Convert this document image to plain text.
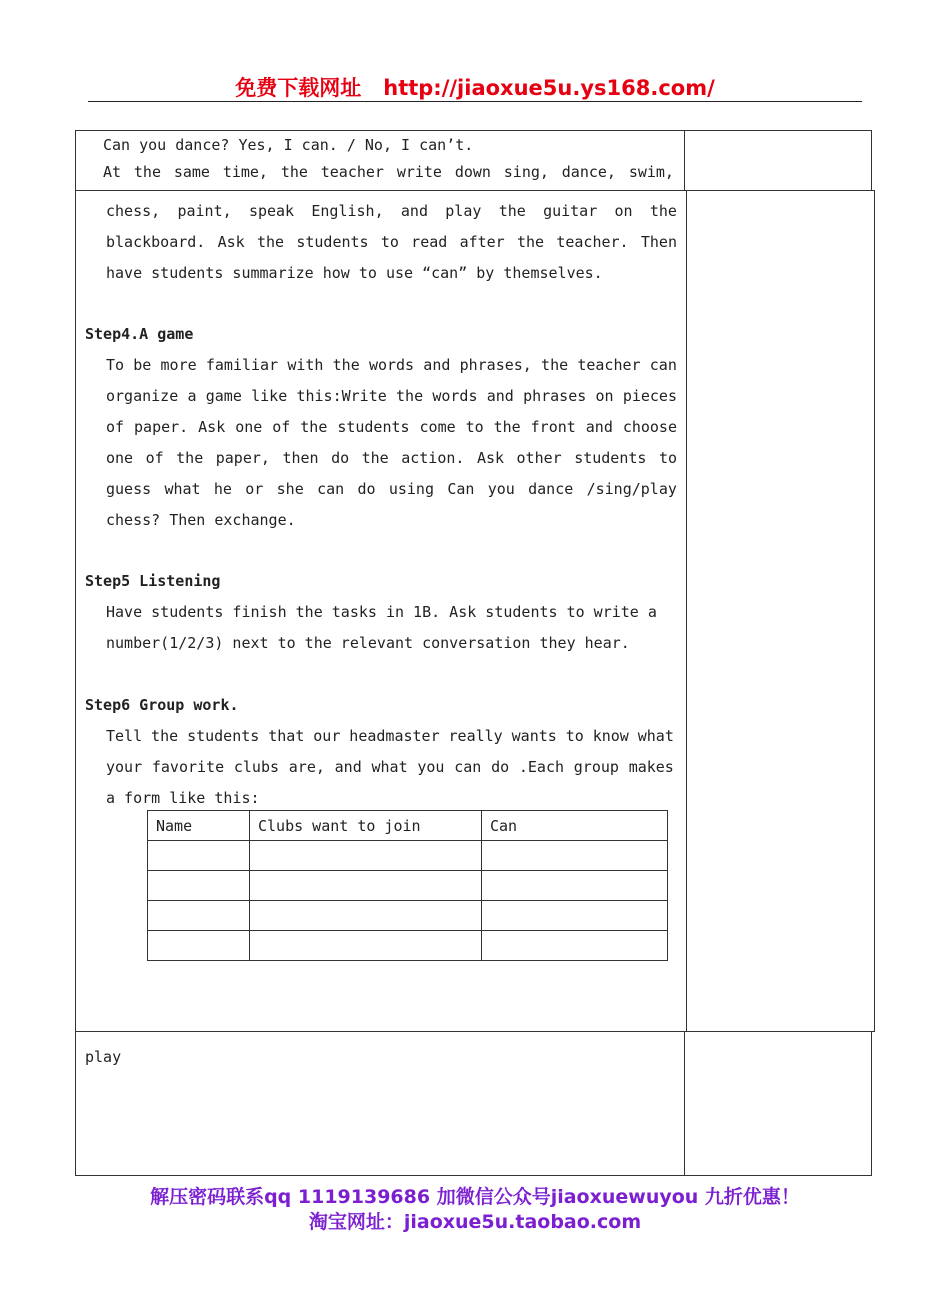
免费下载网址 http://jiaoxue5u.ys168.com/
Can you dance? Yes, I can. / No, I can’t.
At the same time, the teacher write down sing, dance, swim,
chess, paint, speak English, and play the guitar on the
blackboard. Ask the students to read after the teacher. Then
have students summarize how to use “can” by themselves.
Step4.A game
To be more familiar with the words and phrases, the teacher can
organize a game like this:Write the words and phrases on pieces
of paper. Ask one of the students come to the front and choose
one of the paper, then do the action. Ask other students to
guess what he or she can do using Can you dance /sing/play
chess? Then exchange.
Step5 Listening
Have students finish the tasks in 1B. Ask students to write a
number(1/2/3) next to the relevant conversation they hear.
Step6 Group work.
Tell the students that our headmaster really wants to know what
your favorite clubs are, and what you can do .Each group makes
a form like this:
Name	Clubs want to join	Can

play
解压密码联系qq 1119139686 加微信公众号jiaoxuewuyou 九折优惠！
淘宝网址：jiaoxue5u.taobao.com
